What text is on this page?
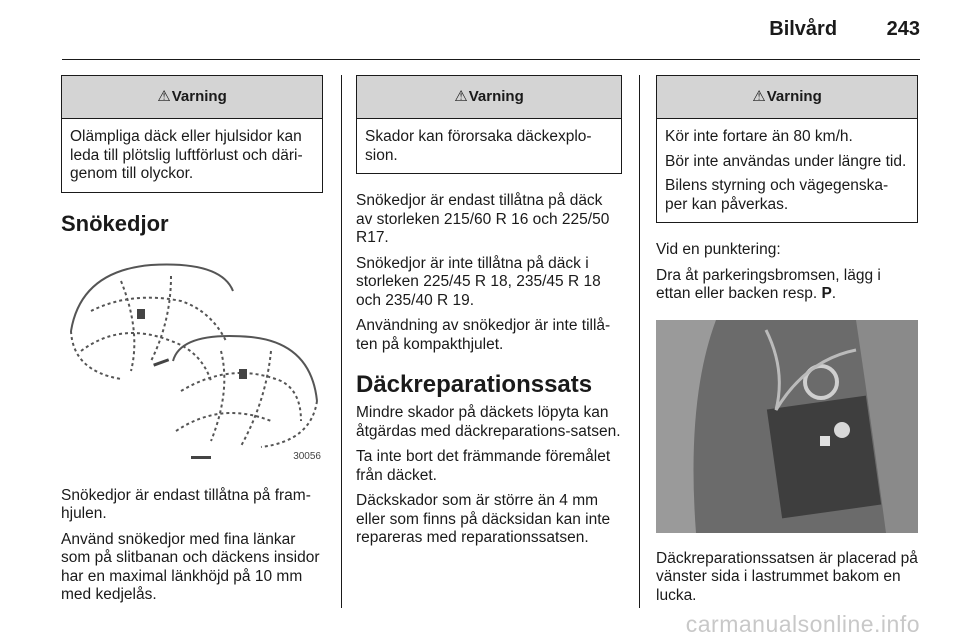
Bilvård 243
⚠ Varning

Olämpliga däck eller hjulsidor kan leda till plötslig luftförlust och däri-genom till olyckor.

Snökedjor
30056

Snökedjor är endast tillåtna på fram-hjulen.

Använd snökedjor med fina länkar som på slitbanan och däckens insidor har en maximal länkhöjd på 10 mm med kedjelås.

⚠ Varning

Skador kan förorsaka däckexplo-sion.

Snökedjor är endast tillåtna på däck av storleken 215/60 R 16 och 225/50 R17.

Snökedjor är inte tillåtna på däck i storleken 225/45 R 18, 235/45 R 18 och 235/40 R 19.

Användning av snökedjor är inte tillå-ten på kompakthjulet.

Däckreparationssats

Mindre skador på däckets löpyta kan åtgärdas med däckreparations-satsen.

Ta inte bort det främmande föremålet från däcket.

Däckskador som är större än 4 mm eller som finns på däcksidan kan inte repareras med reparationssatsen.

⚠ Varning

Kör inte fortare än 80 km/h.

Bör inte användas under längre tid.

Bilens styrning och vägegenska-per kan påverkas.

Vid en punktering:

Dra åt parkeringsbromsen, lägg i ettan eller backen resp. P.

Däckreparationssatsen är placerad på vänster sida i lastrummet bakom en lucka.

carmanualsonline.info
